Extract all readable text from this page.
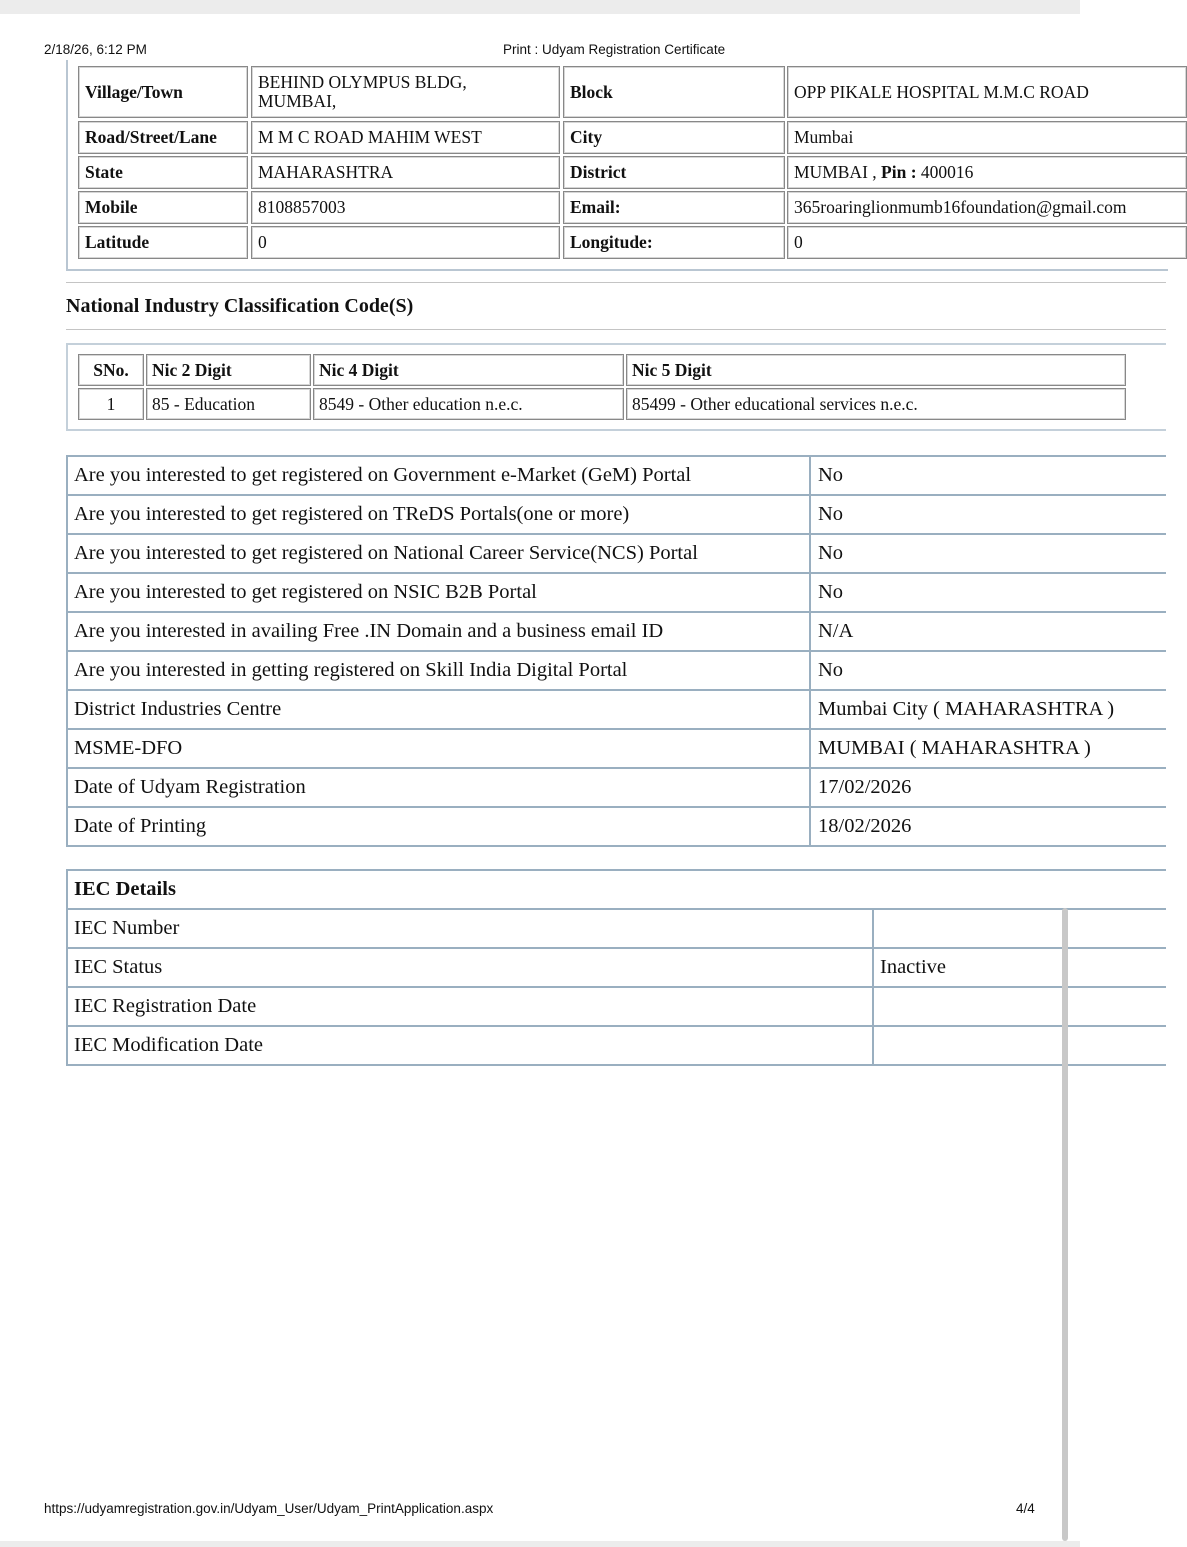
2/18/26, 6:12 PM	Print : Udyam Registration Certificate
Village/Town	BEHIND OLYMPUS BLDG, MUMBAI,	Block	OPP PIKALE HOSPITAL M.M.C ROAD
Road/Street/Lane	M M C ROAD MAHIM WEST	City	Mumbai
State	MAHARASHTRA	District	MUMBAI , Pin : 400016
Mobile	8108857003	Email:	365roaringlionmumb16foundation@gmail.com
Latitude	0	Longitude:	0
National Industry Classification Code(S)
SNo.	Nic 2 Digit	Nic 4 Digit	Nic 5 Digit
1	85 - Education	8549 - Other education n.e.c.	85499 - Other educational services n.e.c.
Are you interested to get registered on Government e-Market (GeM) Portal	No
Are you interested to get registered on TReDS Portals(one or more)	No
Are you interested to get registered on National Career Service(NCS) Portal	No
Are you interested to get registered on NSIC B2B Portal	No
Are you interested in availing Free .IN Domain and a business email ID	N/A
Are you interested in getting registered on Skill India Digital Portal	No
District Industries Centre	Mumbai City ( MAHARASHTRA )
MSME-DFO	MUMBAI ( MAHARASHTRA )
Date of Udyam Registration	17/02/2026
Date of Printing	18/02/2026
IEC Details
IEC Number
IEC Status	Inactive
IEC Registration Date
IEC Modification Date
https://udyamregistration.gov.in/Udyam_User/Udyam_PrintApplication.aspx	4/4
